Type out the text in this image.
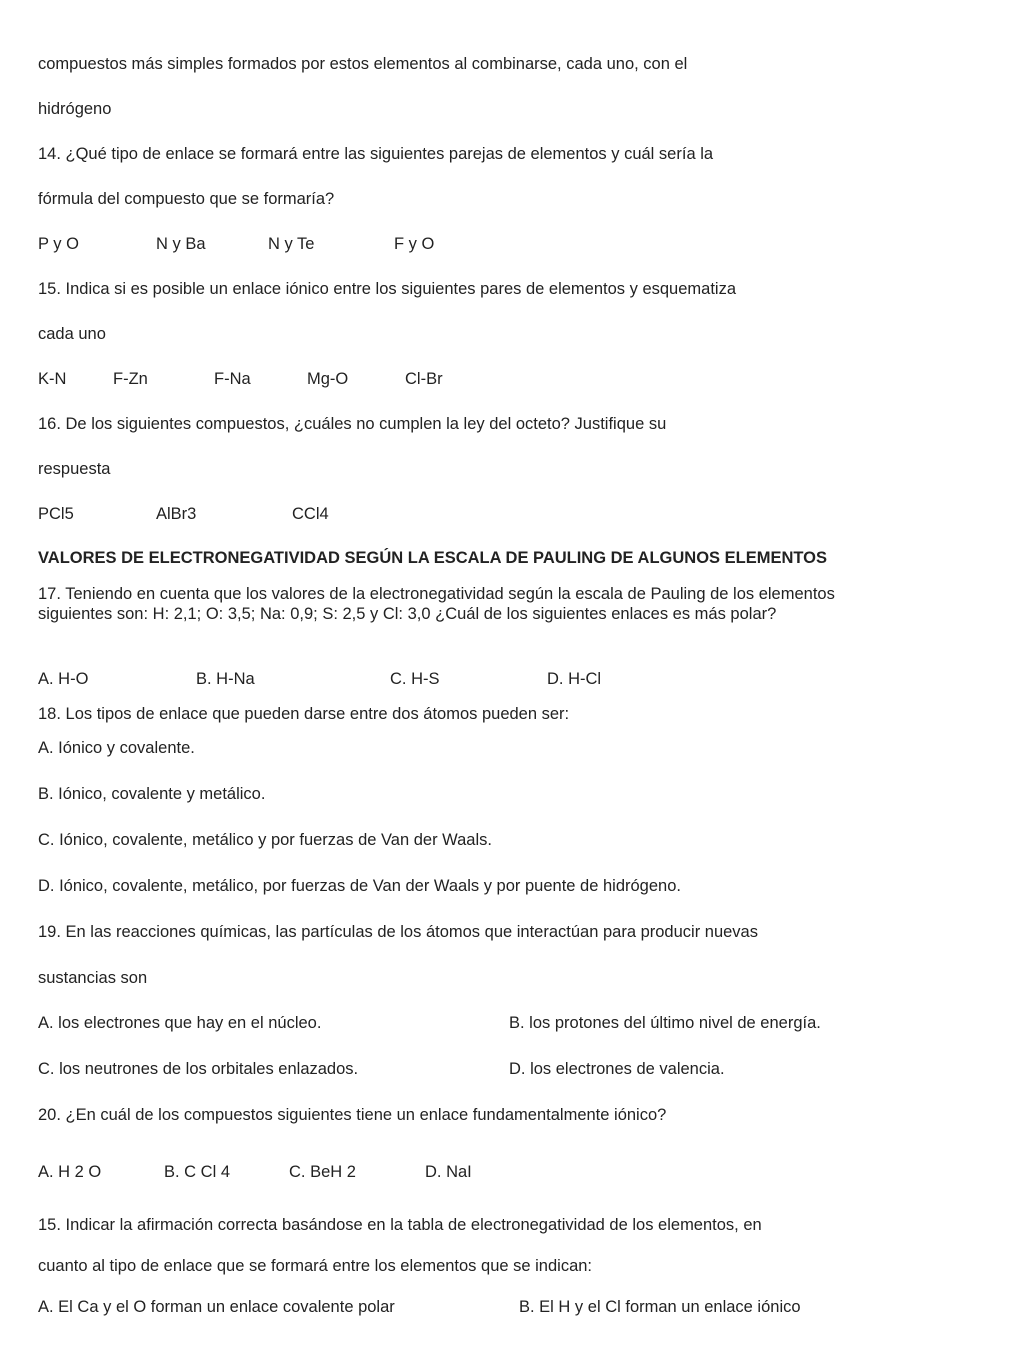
compuestos más simples formados por estos elementos al combinarse, cada uno, con el
hidrógeno
14. ¿Qué tipo de enlace se formará entre las siguientes parejas de elementos y cuál sería la
fórmula del compuesto que se formaría?
P y O	N y Ba	N y Te	F y O
15. Indica si es posible un enlace iónico entre los siguientes pares de elementos y esquematiza
cada uno
K-N	F-Zn	F-Na	Mg-O	Cl-Br
16. De los siguientes compuestos, ¿cuáles no cumplen la ley del octeto? Justifique su
respuesta
PCl5	AlBr3	CCl4
VALORES DE ELECTRONEGATIVIDAD SEGÚN LA ESCALA DE PAULING DE ALGUNOS ELEMENTOS
17. Teniendo en cuenta que los valores de la electronegatividad según la escala de Pauling de los elementos siguientes son: H: 2,1; O: 3,5; Na: 0,9; S: 2,5 y Cl: 3,0 ¿Cuál de los siguientes enlaces es más polar?
A. H-O	B. H-Na	C. H-S	D. H-Cl
18. Los tipos de enlace que pueden darse entre dos átomos pueden ser:
A. Iónico y covalente.
B. Iónico, covalente y metálico.
C. Iónico, covalente, metálico y por fuerzas de Van der Waals.
D. Iónico, covalente, metálico, por fuerzas de Van der Waals y por puente de hidrógeno.
19. En las reacciones químicas, las partículas de los átomos que interactúan para producir nuevas
sustancias son
A. los electrones que hay en el núcleo.	B. los protones del último nivel de energía.
C. los neutrones de los orbitales enlazados.	D. los electrones de valencia.
20. ¿En cuál de los compuestos siguientes tiene un enlace fundamentalmente iónico?
A. H 2 O	B. C Cl 4	C. BeH 2	D. NaI
15. Indicar la afirmación correcta basándose en la tabla de electronegatividad de los elementos, en
cuanto al tipo de enlace que se formará entre los elementos que se indican:
A. El Ca y el O forman un enlace covalente polar	B. El H y el Cl forman un enlace iónico
